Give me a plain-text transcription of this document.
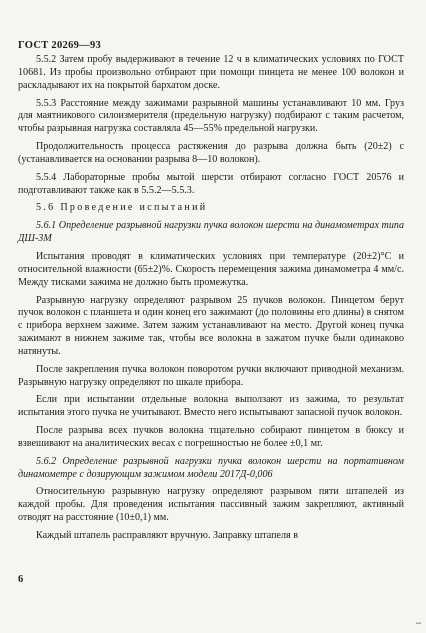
ГОСТ 20269—93

5.5.2 Затем пробу выдерживают в течение 12 ч в климатических условиях по ГОСТ 10681. Из пробы произвольно отбирают при помощи пинцета не менее 100 волокон и раскладывают их на покрытой бархатом доске.

5.5.3 Расстояние между зажимами разрывной машины устанавливают 10 мм. Груз для маятникового силоизмерителя (предельную нагрузку) подбирают с таким расчетом, чтобы разрывная нагрузка составляла 45—55% предельной нагрузки.

Продолжительность процесса растяжения до разрыва должна быть (20±2) с (устанавливается на основании разрыва 8—10 волокон).

5.5.4 Лабораторные пробы мытой шерсти отбирают согласно ГОСТ 20576 и подготавливают также как в 5.5.2—5.5.3.

5.6 Проведение испытаний

5.6.1 Определение разрывной нагрузки пучка волокон шерсти на динамометрах типа ДШ-3М

Испытания проводят в климатических условиях при температуре (20±2)°С и относительной влажности (65±2)%. Скорость перемещения зажима динамометра 4 мм/с. Между тисками зажима не должно быть промежутка.

Разрывную нагрузку определяют разрывом 25 пучков волокон. Пинцетом берут пучок волокон с планшета и один конец его зажимают (до половины его длины) в снятом с прибора верхнем зажиме. Затем зажим устанавливают на место. Другой конец пучка зажимают в нижнем зажиме так, чтобы все волокна в зажатом пучке были одинаково натянуты.

После закрепления пучка волокон поворотом ручки включают приводной механизм. Разрывную нагрузку определяют по шкале прибора.

Если при испытании отдельные волокна выползают из зажима, то результат испытания этого пучка не учитывают. Вместо него испытывают запасной пучок волокон.

После разрыва всех пучков волокна тщательно собирают пинцетом в бюксу и взвешивают на аналитических весах с погрешностью не более ±0,1 мг.

5.6.2 Определение разрывной нагрузки пучка волокон шерсти на портативном динамометре с дозирующим зажимом модели 2017Д-0,006

Относительную разрывную нагрузку определяют разрывом пяти штапелей из каждой пробы. Для проведения испытания пассивный зажим закрепляют, активный отводят на расстояние (10±0,1) мм.

Каждый штапель расправляют вручную. Заправку штапеля в

6
▬
